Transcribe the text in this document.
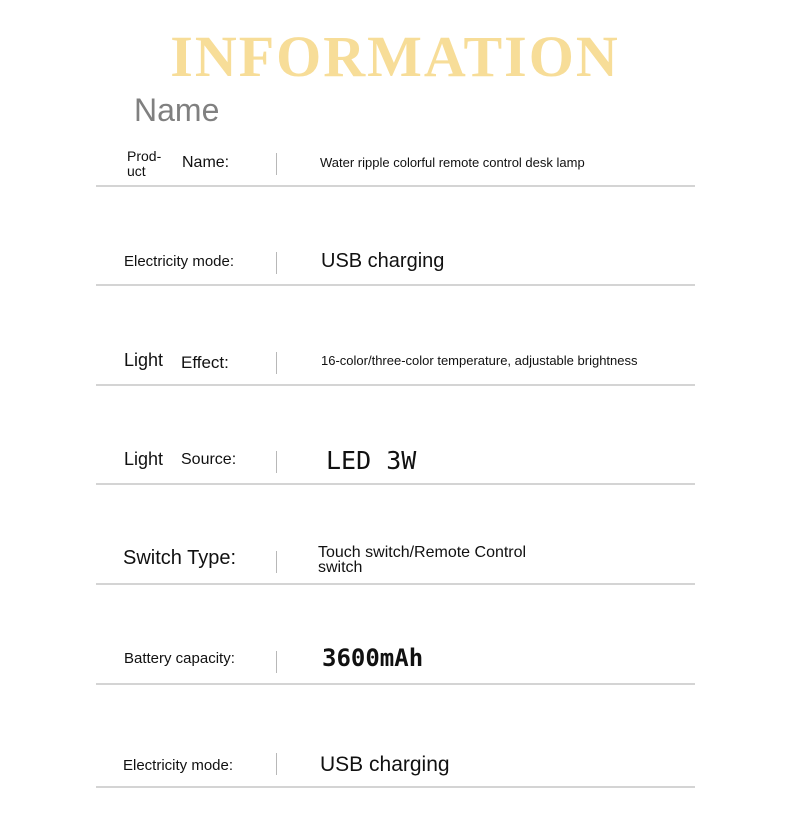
INFORMATION
Name
Prod-
uct Name:	Water ripple colorful remote control desk lamp
Electricity mode:	USB charging
Light Effect:	16-color/three-color temperature, adjustable brightness
Light Source:	LED 3W
Switch Type:	Touch switch/Remote Control
switch
Battery capacity:	3600mAh
Electricity mode:	USB charging
